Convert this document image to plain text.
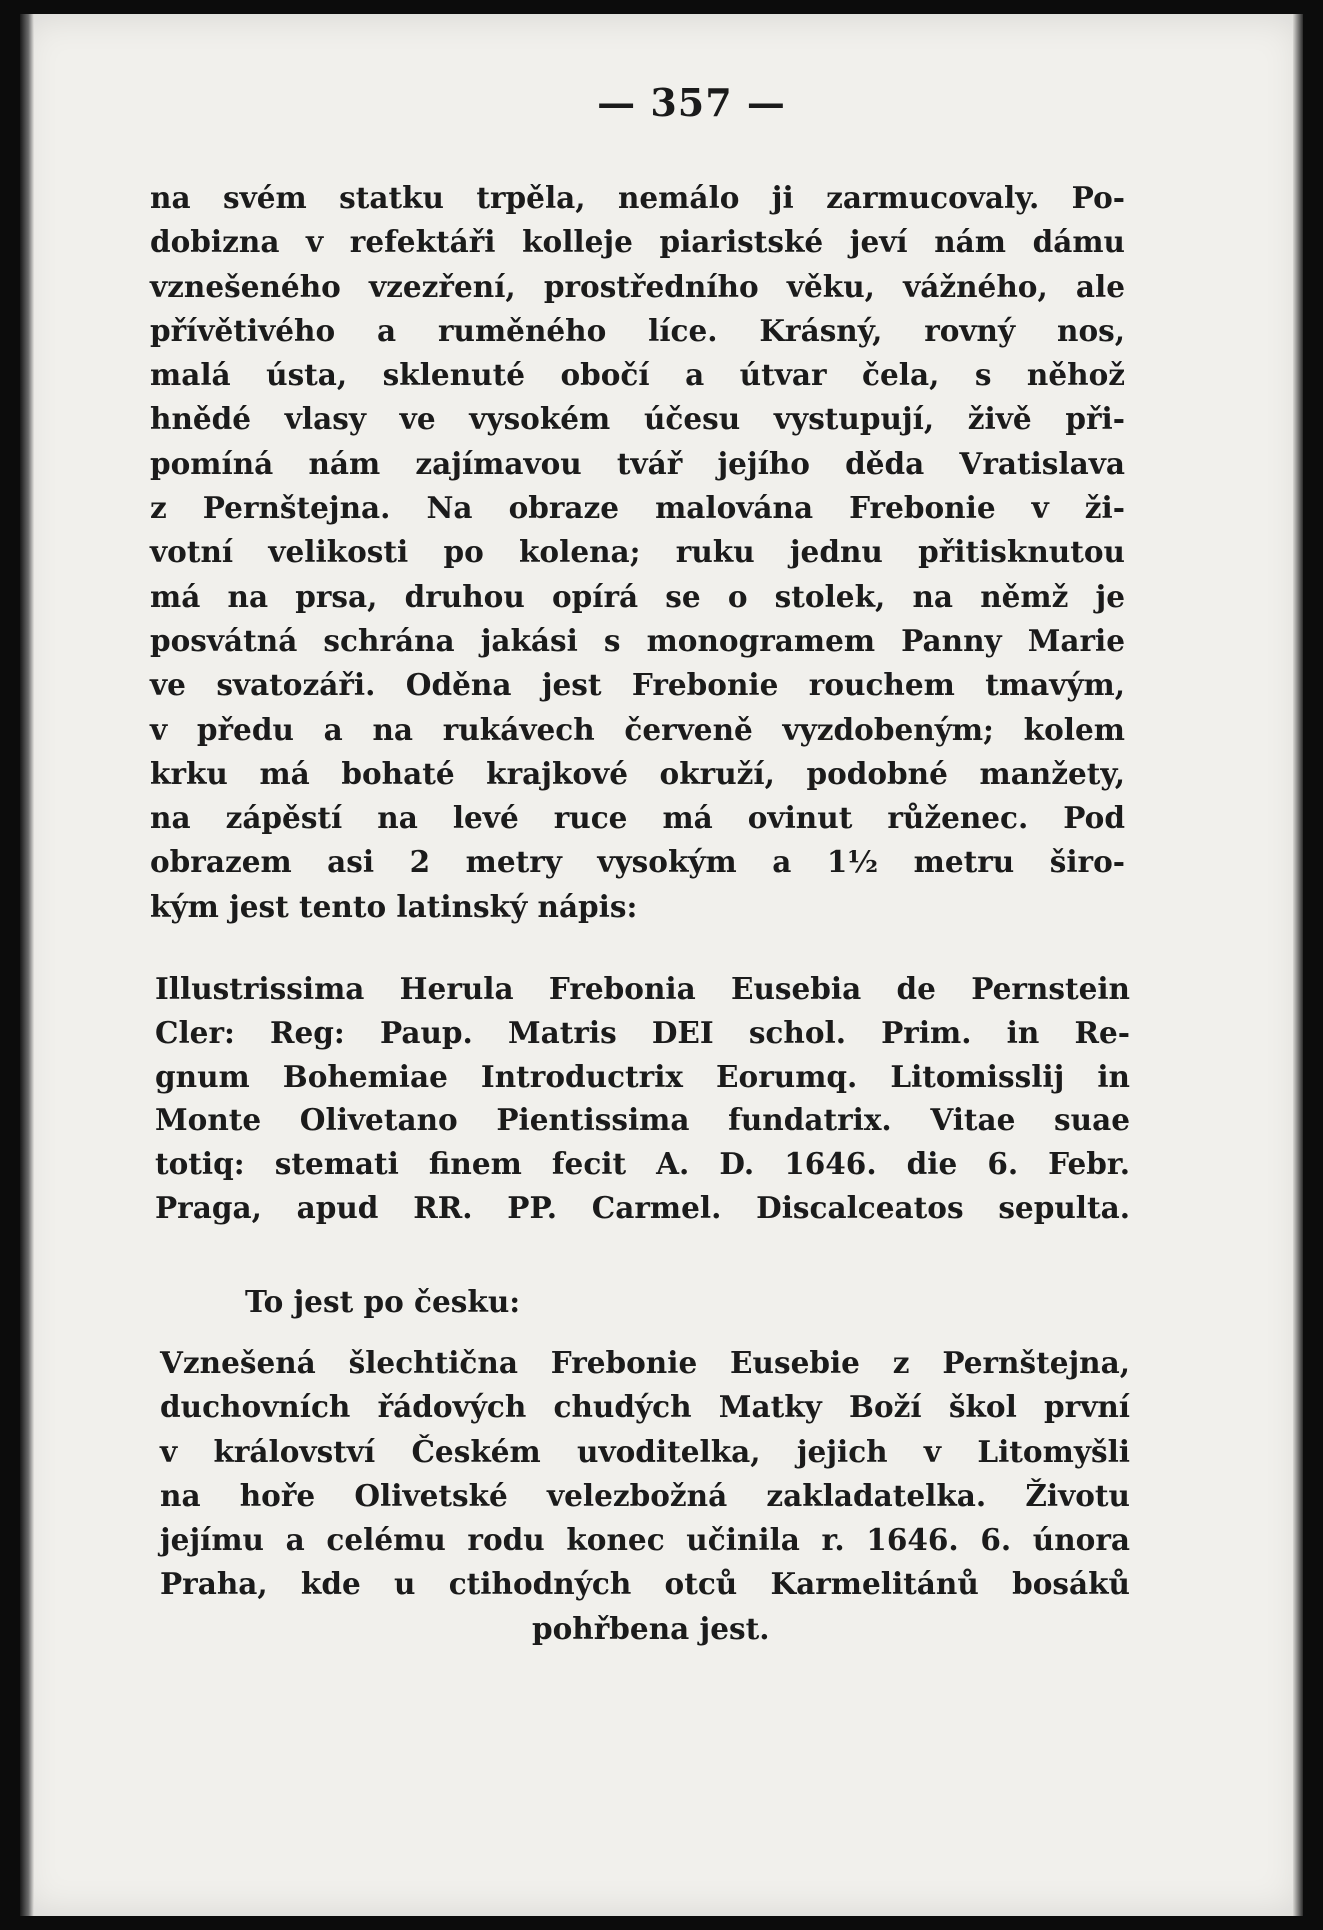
— 357 —
na svém statku trpěla, nemálo ji zarmucovaly. Po-
dobizna v refektáři kolleje piaristské jeví nám dámu
vznešeného vzezření, prostředního věku, vážného, ale
přívětivého a ruměného líce. Krásný, rovný nos,
malá ústa, sklenuté obočí a útvar čela, s něhož
hnědé vlasy ve vysokém účesu vystupují, živě při-
pomíná nám zajímavou tvář jejího děda Vratislava
z Pernštejna. Na obraze malována Frebonie v ži-
votní velikosti po kolena; ruku jednu přitisknutou
má na prsa, druhou opírá se o stolek, na němž je
posvátná schrána jakási s monogramem Panny Marie
ve svatozáři. Oděna jest Frebonie rouchem tmavým,
v předu a na rukávech červeně vyzdobeným; kolem
krku má bohaté krajkové okruží, podobné manžety,
na zápěstí na levé ruce má ovinut růženec. Pod
obrazem asi 2 metry vysokým a 1½ metru širo-
kým jest tento latinský nápis:
Illustrissima Herula Frebonia Eusebia de Pernstein
Cler: Reg: Paup. Matris DEI schol. Prim. in Re-
gnum Bohemiae Introductrix Eorumq. Litomisslij in
Monte Olivetano Pientissima fundatrix. Vitae suae
totiq: stemati finem fecit A. D. 1646. die 6. Febr.
Praga, apud RR. PP. Carmel. Discalceatos sepulta.
To jest po česku:
Vznešená šlechtična Frebonie Eusebie z Pernštejna,
duchovních řádových chudých Matky Boží škol první
v království Českém uvoditelka, jejich v Litomyšli
na hoře Olivetské velezbožná zakladatelka. Životu
jejímu a celému rodu konec učinila r. 1646. 6. února
Praha, kde u ctihodných otců Karmelitánů bosáků
pohřbena jest.
